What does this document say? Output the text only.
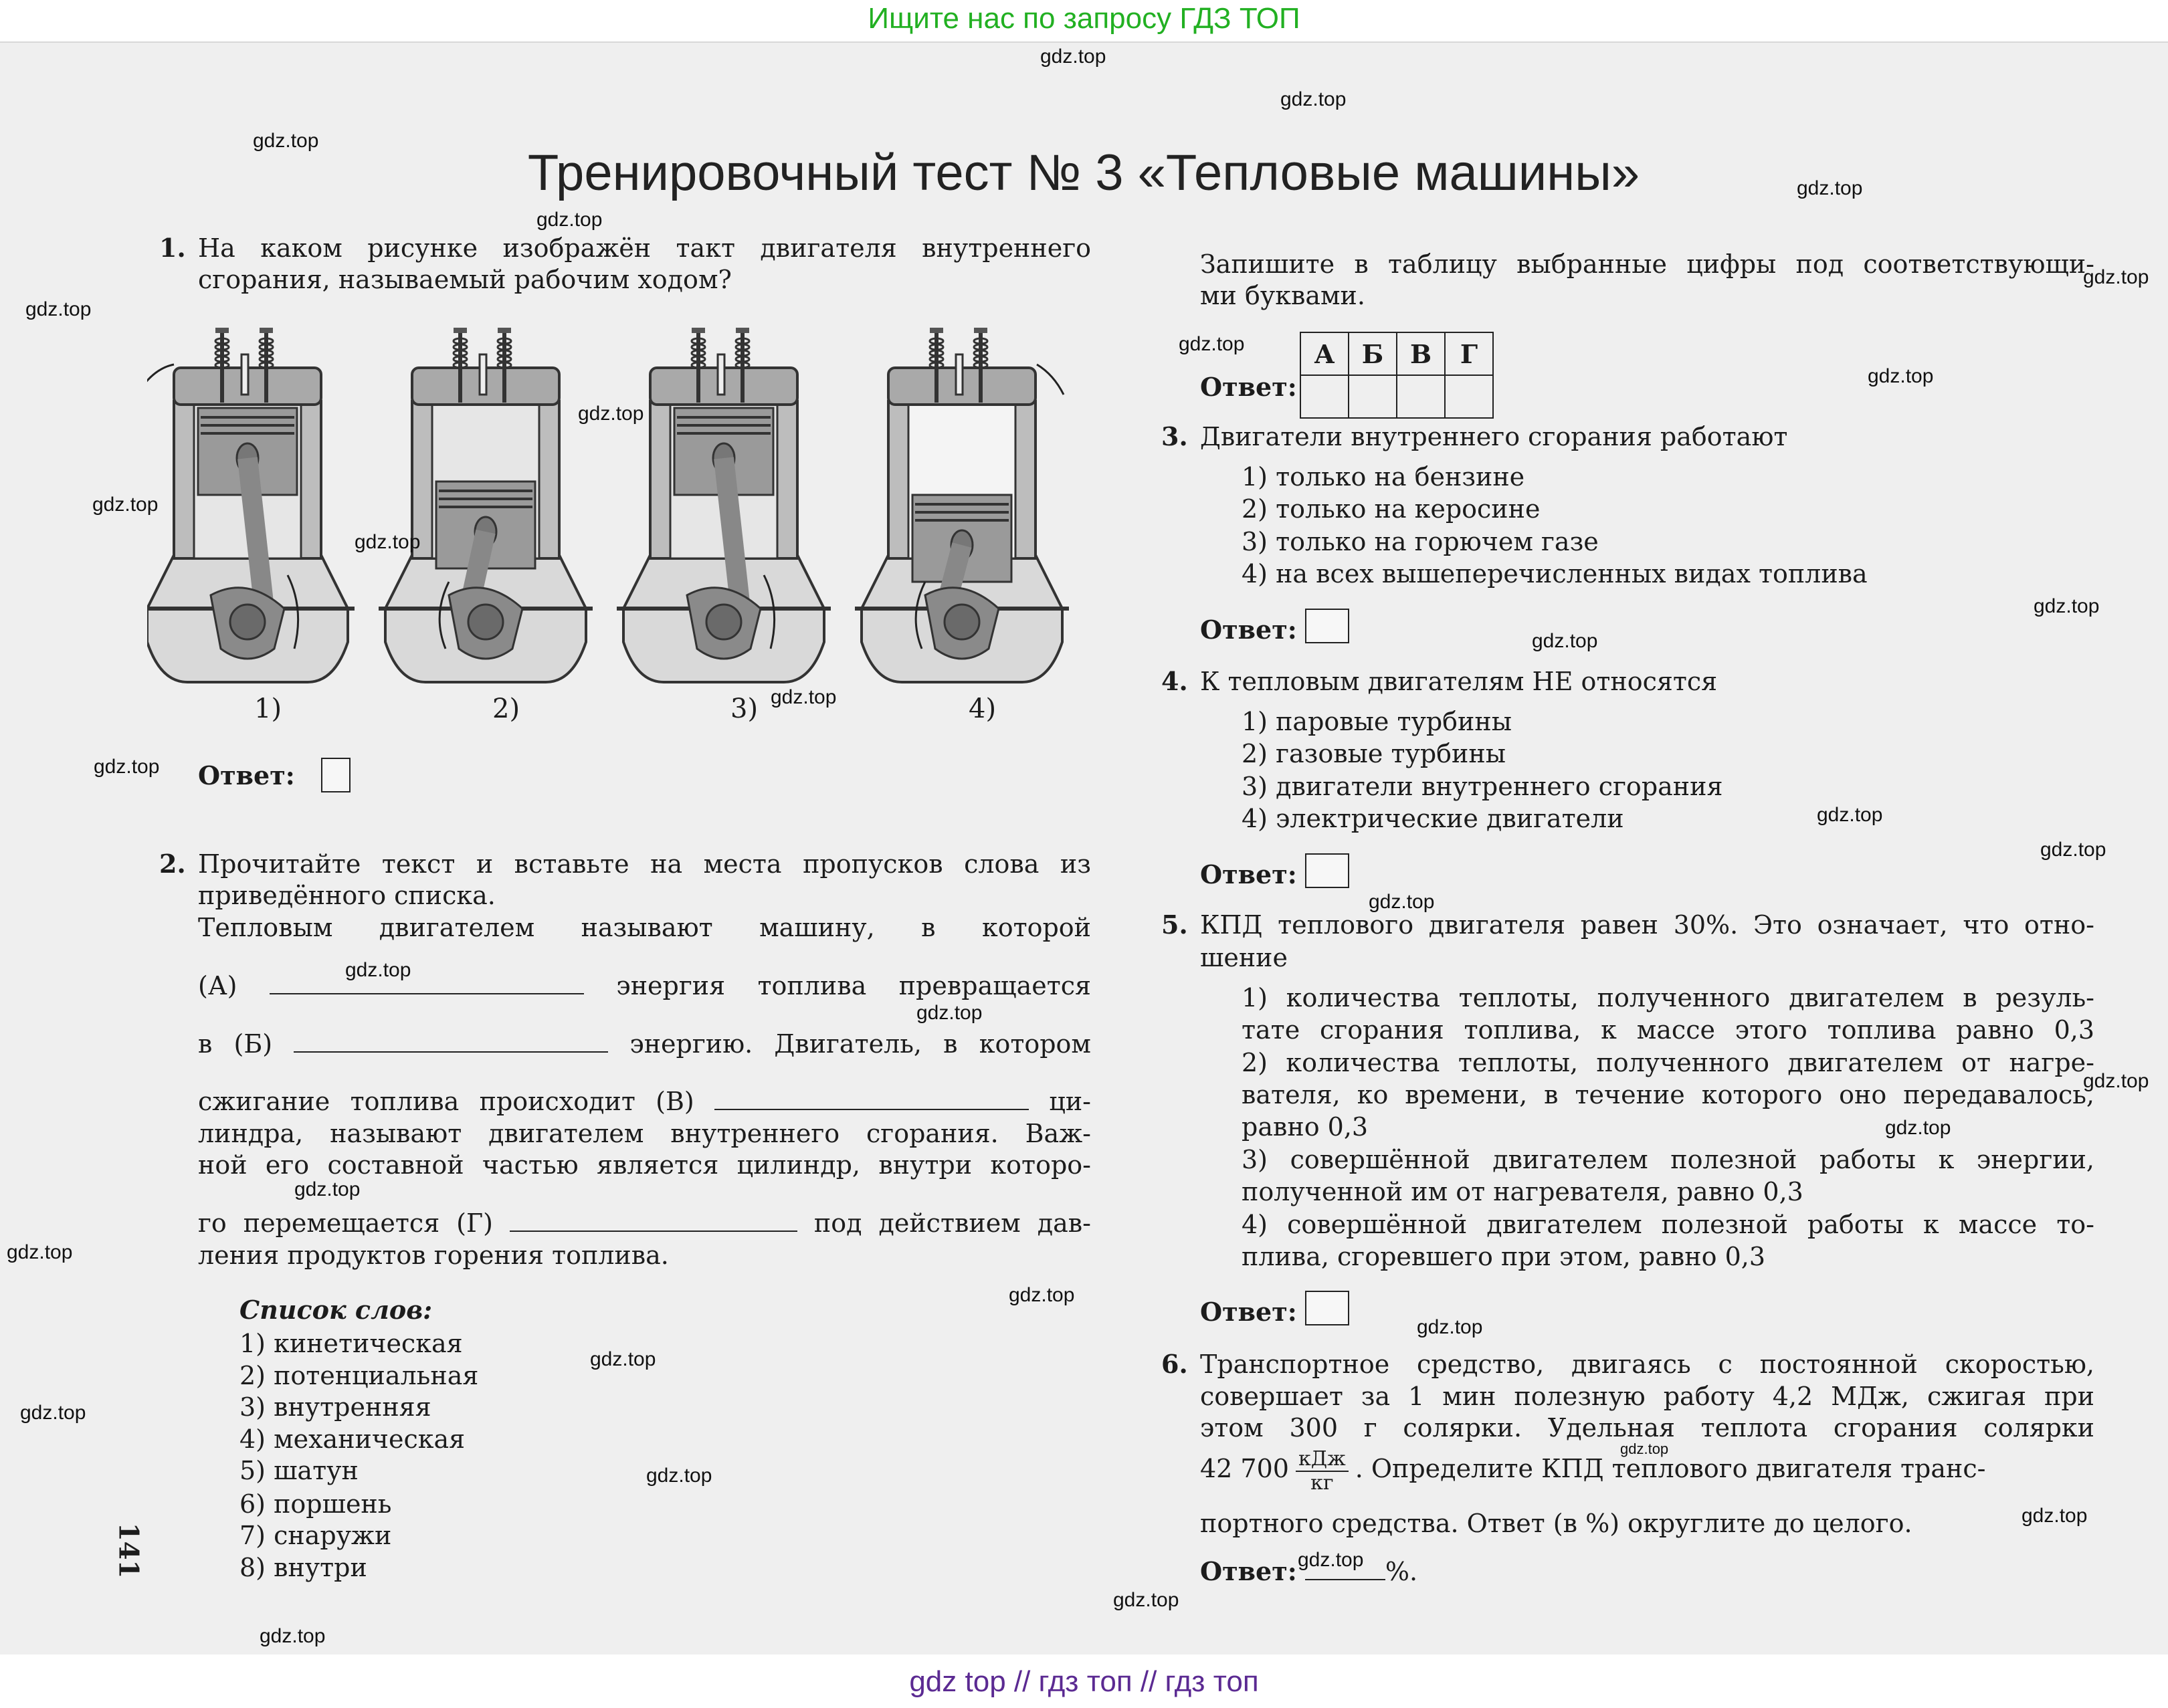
Ищите нас по запросу ГДЗ ТОП
Тренировочный тест № 3 «Тепловые машины»
1. На каком рисунке изображён такт двигателя внутреннего
сгорания, называемый рабочим ходом?
1)	2)	3)	4)
Ответ:
2. Прочитайте текст и вставьте на места пропусков слова из
приведённого списка.
Тепловым двигателем называют машину, в которой
(А)	энергия топлива превращается
в (Б)	энергию. Двигатель, в котором
сжигание топлива происходит (В)	ци-
линдра, называют двигателем внутреннего сгорания. Важ-
ной его составной частью является цилиндр, внутри которо-
го перемещается (Г)	под действием дав-
ления продуктов горения топлива.
Список слов:
1) кинетическая
2) потенциальная
3) внутренняя
4) механическая
5) шатун
6) поршень
7) снаружи
8) внутри
141
Запишите в таблицу выбранные цифры под соответствующи-
ми буквами.
А	Б	В	Г

Ответ:
3. Двигатели внутреннего сгорания работают
1) только на бензине
2) только на керосине
3) только на горючем газе
4) на всех вышеперечисленных видах топлива
Ответ:
4. К тепловым двигателям НЕ относятся
1) паровые турбины
2) газовые турбины
3) двигатели внутреннего сгорания
4) электрические двигатели
Ответ:
5. КПД теплового двигателя равен 30%. Это означает, что отно-
шение
1) количества теплоты, полученного двигателем в резуль-
тате сгорания топлива, к массе этого топлива равно 0,3
2) количества теплоты, полученного двигателем от нагре-
вателя, ко времени, в течение которого оно передавалось,
равно 0,3
3) совершённой двигателем полезной работы к энергии,
полученной им от нагревателя, равно 0,3
4) совершённой двигателем полезной работы к массе то-
плива, сгоревшего при этом, равно 0,3
Ответ:
6. Транспортное средство, двигаясь с постоянной скоростью,
совершает за 1 мин полезную работу 4,2 МДж, сжигая при
этом 300 г солярки. Удельная теплота сгорания солярки
42 $700 \frac{\text{кДж}}{кг}$ . Определите КПД теплового двигателя транс-
портного средства. Ответ (в %) округлите до целого.
Ответ:	%.
gdz top // гдз топ // гдз топ
gdz.top
gdz.top
gdz.top
gdz.top
gdz.top
gdz.top
gdz.top
gdz.top
gdz.top
gdz.top
gdz.top
gdz.top
gdz.top
gdz.top
gdz.top
gdz.top
gdz.top
gdz.top
gdz.top
gdz.top
gdz.top
gdz.top
gdz.top
gdz.top
gdz.top
gdz.top
gdz.top
gdz.top
gdz.top
gdz.top
gdz.top
gdz.top
gdz.top
gdz.top
gdz.top
